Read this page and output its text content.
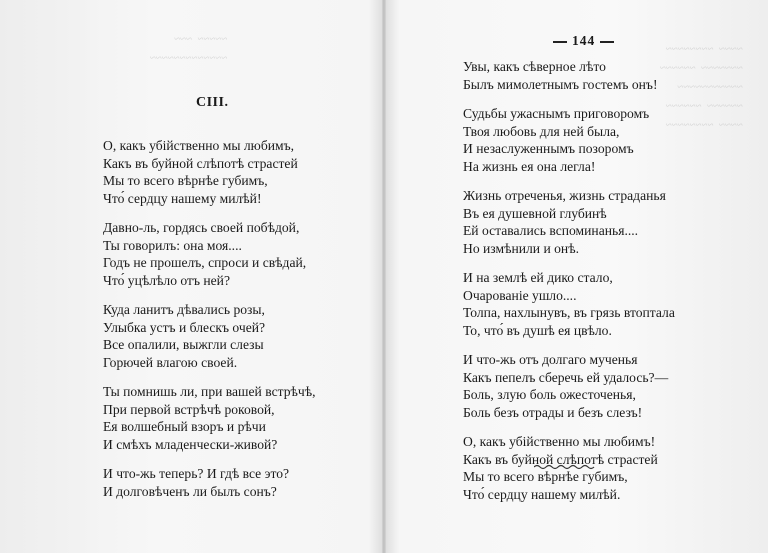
~~~~~  ~~~
~~~~~~~~~~~~~
~~~~  ~~~~~~~~
~~~~~~~  ~~~~~~
~~~~~~~~~~~
~~~~~~  ~~~~~~
~~~~  ~~~~~~~~
CIII.
О, какъ убійственно мы любимъ,
Какъ въ буйной слѣпотѣ страстей
Мы то всего вѣрнѣе губимъ,
Что́ сердцу нашему милѣй!
Давно-ль, гордясь своей побѣдой,
Ты говорилъ: она моя....
Годъ не прошелъ, спроси и свѣдай,
Что́ уцѣлѣло отъ ней?
Куда ланитъ дѣвались розы,
Улыбка устъ и блескъ очей?
Все опалили, выжгли слезы
Горючей влагою своей.
Ты помнишь ли, при вашей встрѣчѣ,
При первой встрѣчѣ роковой,
Ея волшебный взоръ и рѣчи
И смѣхъ младенчески-живой?
И что-жь теперь? И гдѣ все это?
И долговѣченъ ли былъ сонъ?
144
Увы, какъ сѣверное лѣто
Былъ мимолетнымъ гостемъ онъ!
Судьбы ужаснымъ приговоромъ
Твоя любовь для ней была,
И незаслуженнымъ позоромъ
На жизнь ея она легла!
Жизнь отреченья, жизнь страданья
Въ ея душевной глубинѣ
Ей оставались вспоминанья....
Но измѣнили и онѣ.
И на землѣ ей дико стало,
Очарованіе ушло....
Толпа, нахлынувъ, въ грязь втоптала
То, что́ въ душѣ ея цвѣло.
И что-жь отъ долгаго мученья
Какъ пепелъ сберечь ей удалось?—
Боль, злую боль ожесточенья,
Боль безъ отрады и безъ слезъ!
О, какъ убійственно мы любимъ!
Какъ въ буйной слѣпотѣ страстей
Мы то всего вѣрнѣе губимъ,
Что́ сердцу нашему милѣй.
